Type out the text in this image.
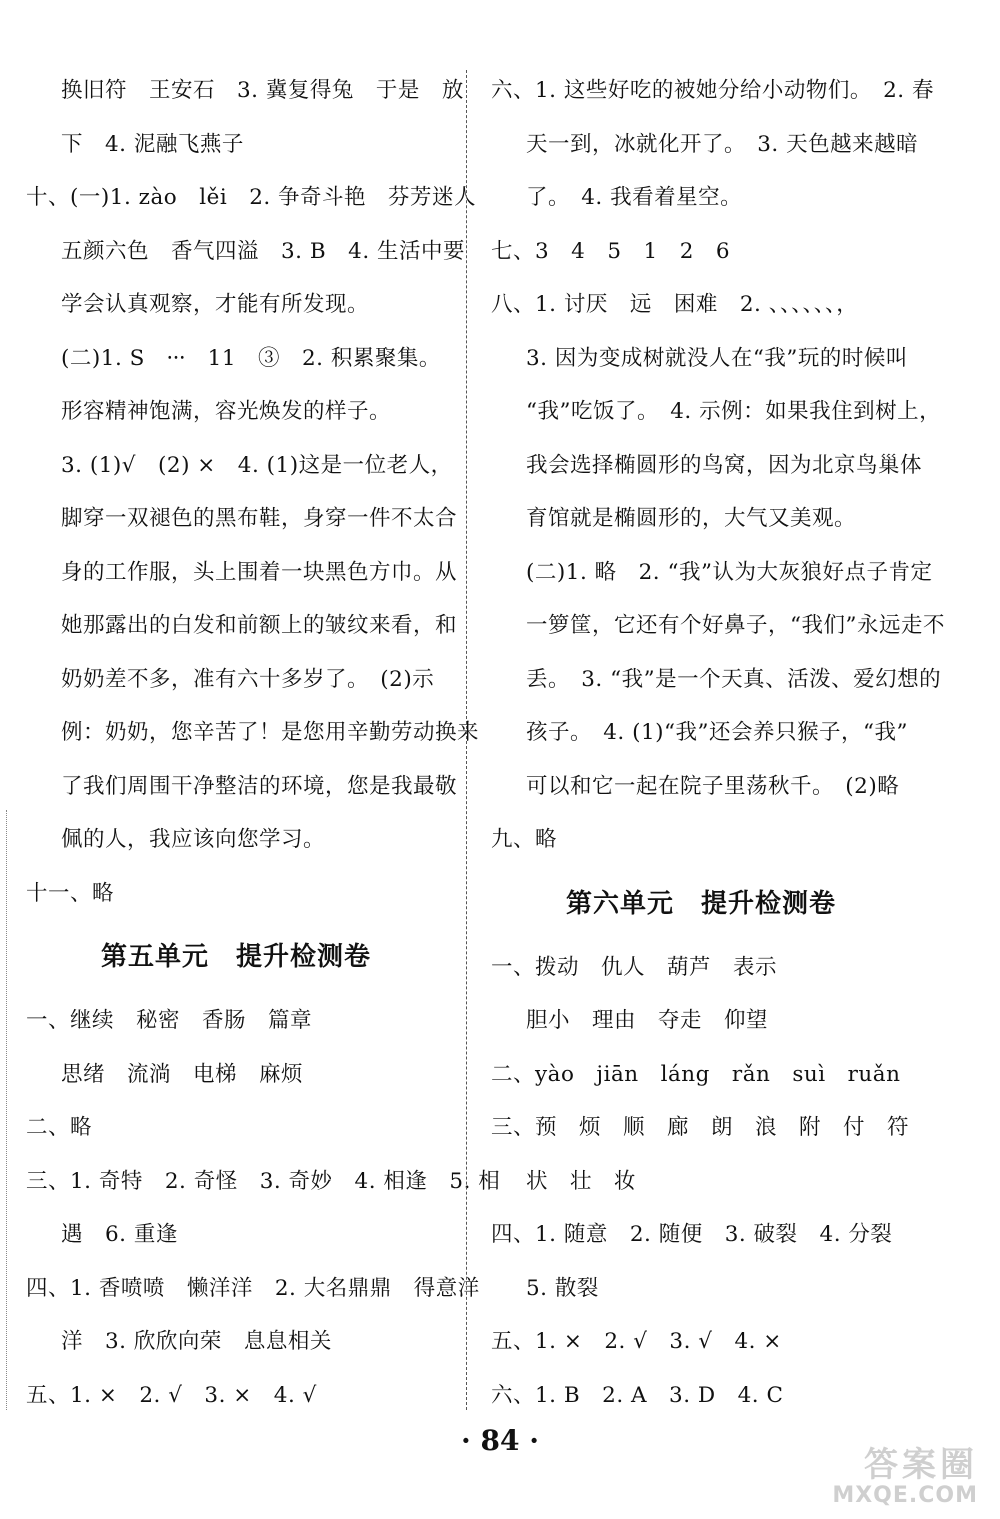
换旧符　王安石　3. 冀复得兔　于是　放
下　4. 泥融飞燕子
十、(一)1. zào　lěi　2. 争奇斗艳　芬芳迷人
五颜六色　香气四溢　3. B　4. 生活中要
学会认真观察，才能有所发现。
(二)1. S　⸱⸱⸱　11　③　2. 积累聚集。
形容精神饱满，容光焕发的样子。
3. (1)√　(2) ×　4. (1)这是一位老人，
脚穿一双褪色的黑布鞋，身穿一件不太合
身的工作服，头上围着一块黑色方巾。从
她那露出的白发和前额上的皱纹来看，和
奶奶差不多，准有六十多岁了。　(2)示
例：奶奶，您辛苦了！是您用辛勤劳动换来
了我们周围干净整洁的环境，您是我最敬
佩的人，我应该向您学习。
十一、略
第五单元　提升检测卷
一、继续　秘密　香肠　篇章
思绪　流淌　电梯　麻烦
二、略
三、1. 奇特　2. 奇怪　3. 奇妙　4. 相逢　5. 相
遇　6. 重逢
四、1. 香喷喷　懒洋洋　2. 大名鼎鼎　得意洋
洋　3. 欣欣向荣　息息相关
五、1. ×　2. √　3. ×　4. √
六、1. 这些好吃的被她分给小动物们。　2. 春
天一到，冰就化开了。　3. 天色越来越暗
了。　4. 我看着星空。
七、3　4　5　1　2　6
八、1. 讨厌　远　困难　2. 、、、、、、，
3. 因为变成树就没人在“我”玩的时候叫
“我”吃饭了。　4. 示例：如果我住到树上，
我会选择椭圆形的鸟窝，因为北京鸟巢体
育馆就是椭圆形的，大气又美观。
(二)1. 略　2. “我”认为大灰狼好点子肯定
一箩筐，它还有个好鼻子，“我们”永远走不
丢。　3. “我”是一个天真、活泼、爱幻想的
孩子。　4. (1)“我”还会养只猴子，“我”
可以和它一起在院子里荡秋千。　(2)略
九、略
第六单元　提升检测卷
一、拨动　仇人　葫芦　表示
胆小　理由　夺走　仰望
二、yào　jiān　láng　rǎn　suì　ruǎn
三、预　烦　顺　廊　朗　浪　附　付　符
状　壮　妆
四、1. 随意　2. 随便　3. 破裂　4. 分裂
5. 散裂
五、1. ×　2. √　3. √　4. ×
六、1. B　2. A　3. D　4. C
· 84 ·
答案圈
MXQE.COM
